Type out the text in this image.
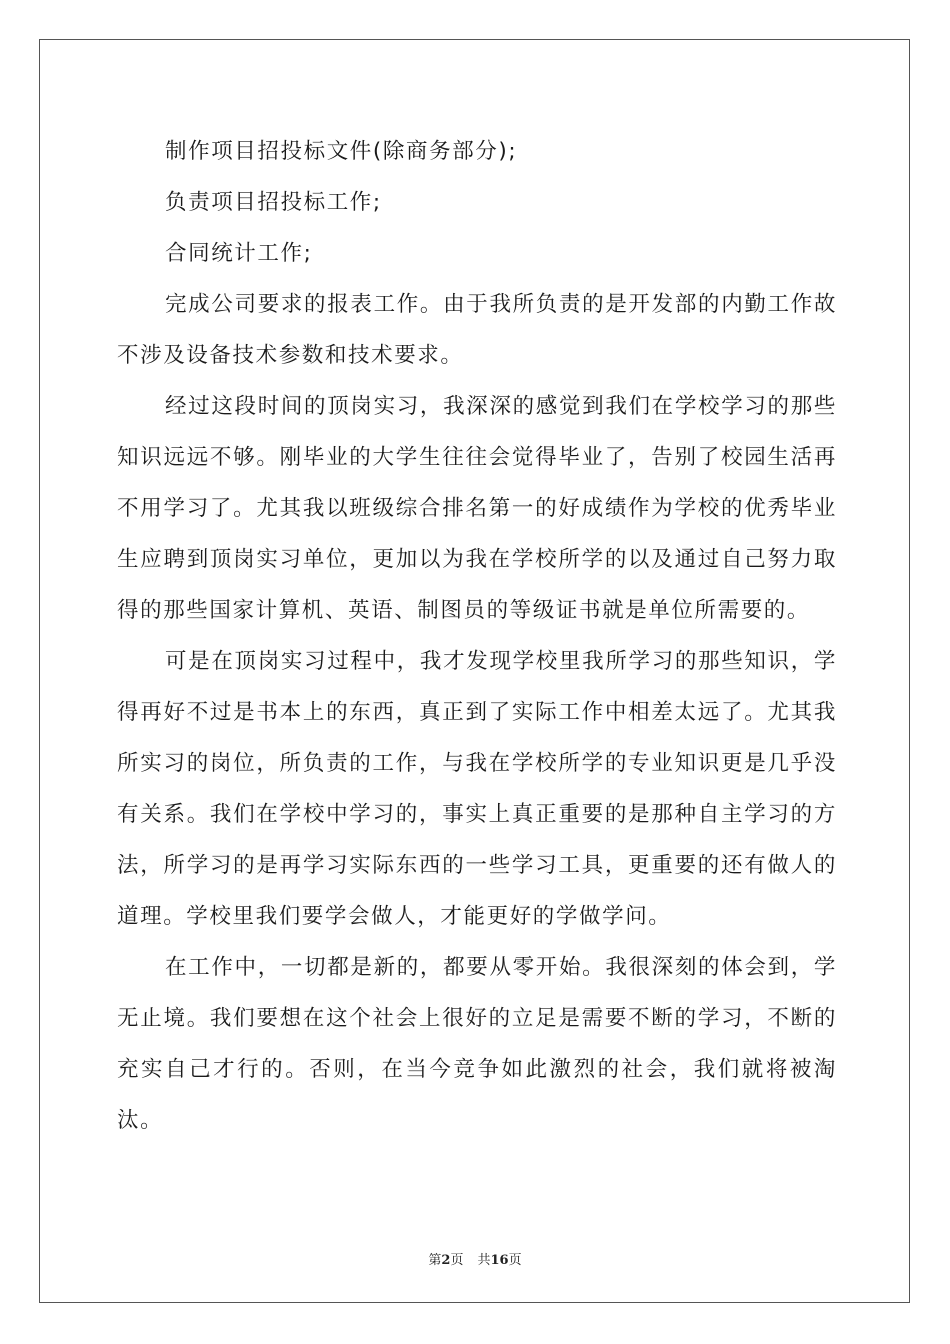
制作项目招投标文件(除商务部分);

负责项目招投标工作;

合同统计工作;

完成公司要求的报表工作。由于我所负责的是开发部的内勤工作故不涉及设备技术参数和技术要求。

经过这段时间的顶岗实习，我深深的感觉到我们在学校学习的那些知识远远不够。刚毕业的大学生往往会觉得毕业了，告别了校园生活再不用学习了。尤其我以班级综合排名第一的好成绩作为学校的优秀毕业生应聘到顶岗实习单位，更加以为我在学校所学的以及通过自己努力取得的那些国家计算机、英语、制图员的等级证书就是单位所需要的。

可是在顶岗实习过程中，我才发现学校里我所学习的那些知识，学得再好不过是书本上的东西，真正到了实际工作中相差太远了。尤其我所实习的岗位，所负责的工作，与我在学校所学的专业知识更是几乎没有关系。我们在学校中学习的，事实上真正重要的是那种自主学习的方法，所学习的是再学习实际东西的一些学习工具，更重要的还有做人的道理。学校里我们要学会做人，才能更好的学做学问。

在工作中，一切都是新的，都要从零开始。我很深刻的体会到，学无止境。我们要想在这个社会上很好的立足是需要不断的学习，不断的充实自己才行的。否则，在当今竞争如此激烈的社会，我们就将被淘汰。

第2页 共16页
